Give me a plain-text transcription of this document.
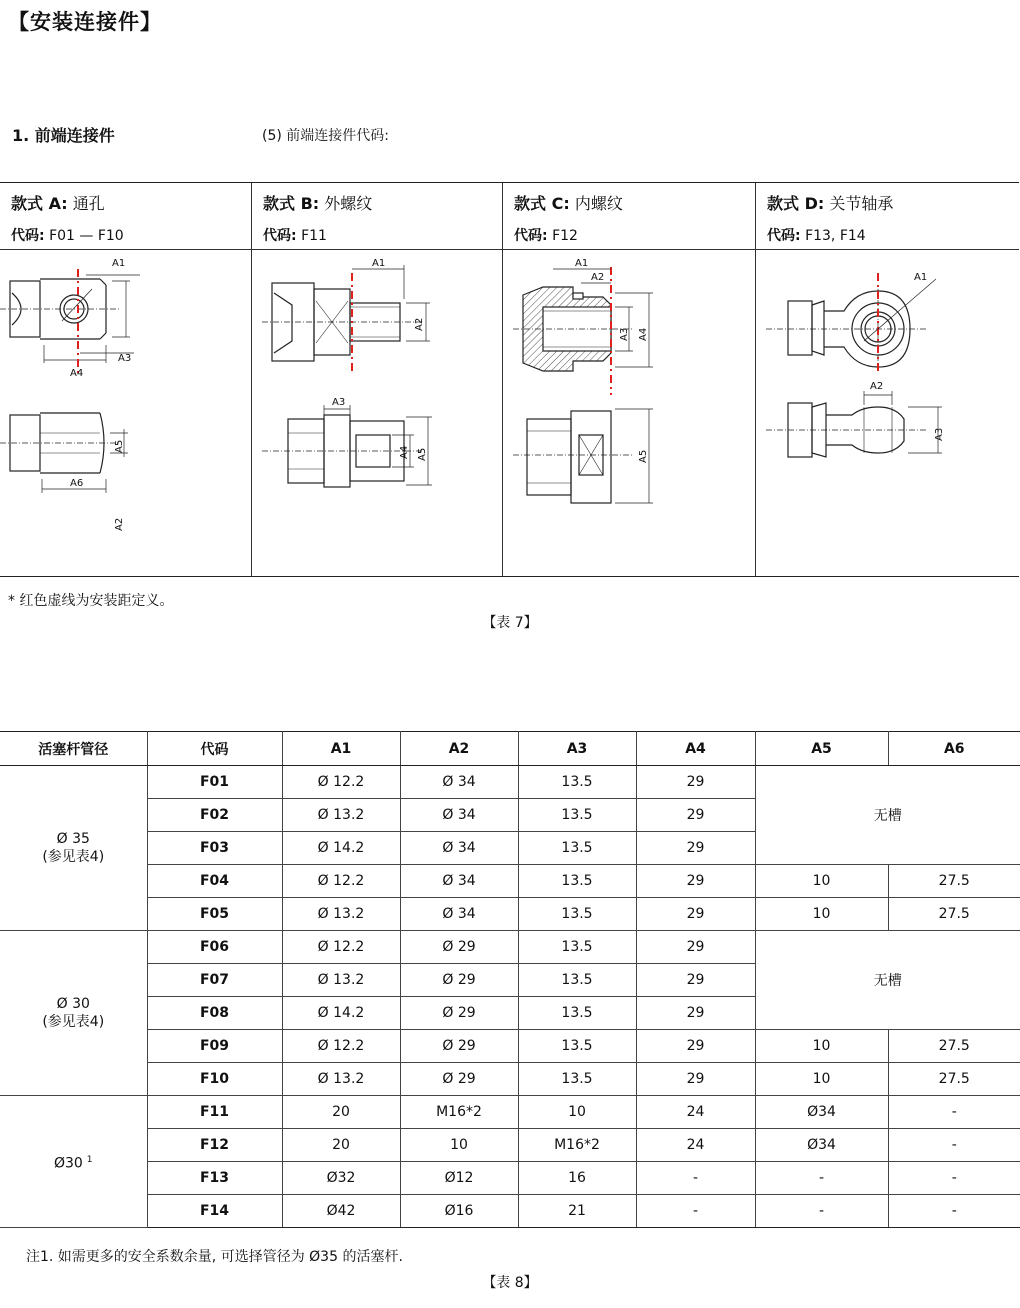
【安装连接件】
1. 前端连接件	(5) 前端连接件代码:
款式 A: 通孔
代码: F01 — F10
A1
A2
A3
A4
A5
A6
款式 B: 外螺纹
代码: F11
A1
A2
A3
A4 A5
款式 C: 内螺纹
代码: F12
A1
A2
A3 A4
A5
款式 D: 关节轴承
代码: F13, F14
A1
A2
A3
* 红色虚线为安装距定义。
【表 7】
活塞杆管径	代码	A1	A2	A3	A4	A5	A6
Ø 35
(参见表4)	F01	Ø 12.2	Ø 34	13.5	29	无槽	
	F02	Ø 13.2	Ø 34	13.5	29		
	F03	Ø 14.2	Ø 34	13.5	29		
	F04	Ø 12.2	Ø 34	13.5	29	10	27.5
	F05	Ø 13.2	Ø 34	13.5	29	10	27.5
Ø 30
(参见表4)	F06	Ø 12.2	Ø 29	13.5	29	无槽	
	F07	Ø 13.2	Ø 29	13.5	29		
	F08	Ø 14.2	Ø 29	13.5	29		
	F09	Ø 12.2	Ø 29	13.5	29	10	27.5
	F10	Ø 13.2	Ø 29	13.5	29	10	27.5
Ø30 $^1$	F11	20	M16*2	10	24	Ø34	-
	F12	20	10	M16*2	24	Ø34	-
	F13	Ø32	Ø12	16	-	-	-
	F14	Ø42	Ø16	21	-	-	-
注1. 如需更多的安全系数余量, 可选择管径为 Ø35 的活塞杆.
【表 8】
